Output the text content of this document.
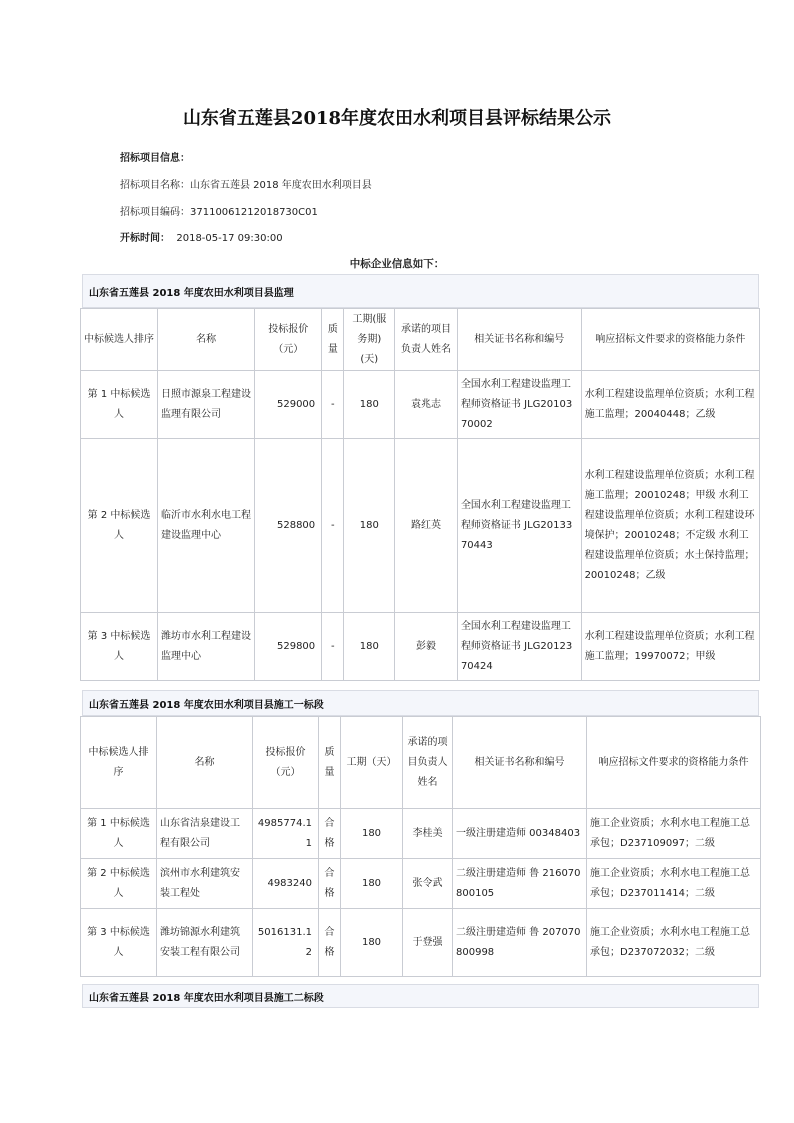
山东省五莲县2018年度农田水利项目县评标结果公示
招标项目信息：
招标项目名称：山东省五莲县 2018 年度农田水利项目县
招标项目编码：37110061212018730C01
开标时间： 2018-05-17 09:30:00
中标企业信息如下：
山东省五莲县 2018 年度农田水利项目县监理
中标候选人排序	名称	投标报价（元）	质量	工期(服务期) (天)	承诺的项目负责人姓名	相关证书名称和编号	响应招标文件要求的资格能力条件
第 1 中标候选人	日照市源泉工程建设监理有限公司	529000	-	180	袁兆志	全国水利工程建设监理工程师资格证书 JLG2010370002	水利工程建设监理单位资质；水利工程施工监理；20040448；乙级
第 2 中标候选人	临沂市水利水电工程建设监理中心	528800	-	180	路红英	全国水利工程建设监理工程师资格证书 JLG2013370443	水利工程建设监理单位资质；水利工程施工监理；20010248；甲级 水利工程建设监理单位资质；水利工程建设环境保护；20010248；不定级 水利工程建设监理单位资质；水土保持监理；20010248；乙级
第 3 中标候选人	潍坊市水利工程建设监理中心	529800	-	180	彭毅	全国水利工程建设监理工程师资格证书 JLG2012370424	水利工程建设监理单位资质；水利工程施工监理；19970072；甲级
山东省五莲县 2018 年度农田水利项目县施工一标段
中标候选人排序	名称	投标报价（元）	质量	工期（天）	承诺的项目负责人姓名	相关证书名称和编号	响应招标文件要求的资格能力条件
第 1 中标候选人	山东省洁泉建设工程有限公司	4985774.11	合格	180	李桂美	一级注册建造师 00348403	施工企业资质；水利水电工程施工总承包；D237109097；二级
第 2 中标候选人	滨州市水利建筑安装工程处	4983240	合格	180	张令武	二级注册建造师 鲁 216070800105	施工企业资质；水利水电工程施工总承包；D237011414；二级
第 3 中标候选人	潍坊锦源水利建筑安装工程有限公司	5016131.12	合格	180	于登强	二级注册建造师 鲁 207070800998	施工企业资质；水利水电工程施工总承包；D237072032；二级
山东省五莲县 2018 年度农田水利项目县施工二标段
